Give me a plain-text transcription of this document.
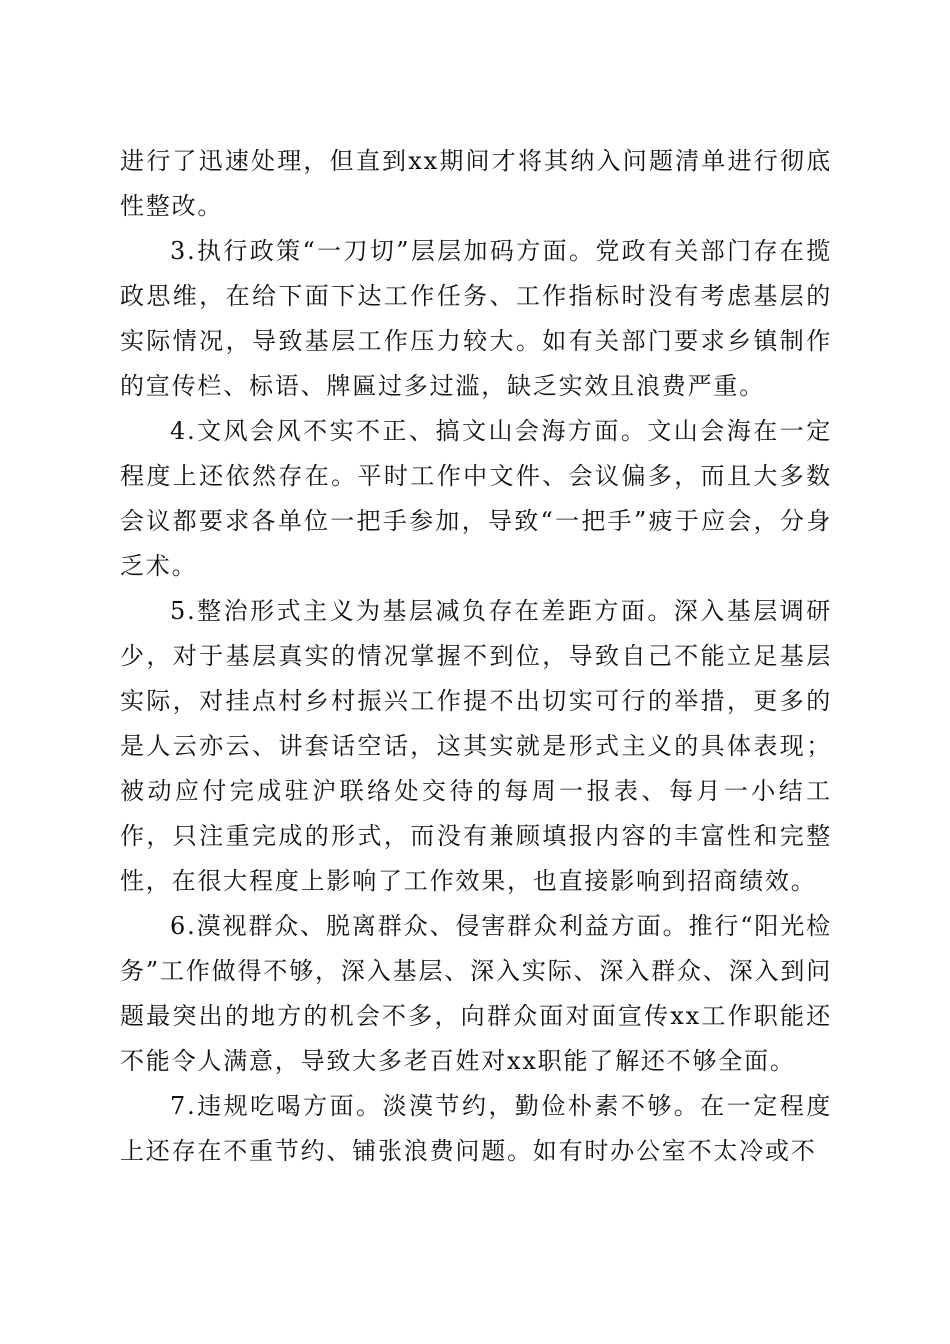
进行了迅速处理，但直到xx期间才将其纳入问题清单进行彻底性整改。

3.执行政策“一刀切”层层加码方面。党政有关部门存在揽政思维，在给下面下达工作任务、工作指标时没有考虑基层的实际情况，导致基层工作压力较大。如有关部门要求乡镇制作的宣传栏、标语、牌匾过多过滥，缺乏实效且浪费严重。

4.文风会风不实不正、搞文山会海方面。文山会海在一定程度上还依然存在。平时工作中文件、会议偏多，而且大多数会议都要求各单位一把手参加，导致“一把手”疲于应会，分身乏术。

5.整治形式主义为基层减负存在差距方面。深入基层调研少，对于基层真实的情况掌握不到位，导致自己不能立足基层实际，对挂点村乡村振兴工作提不出切实可行的举措，更多的是人云亦云、讲套话空话，这其实就是形式主义的具体表现；被动应付完成驻沪联络处交待的每周一报表、每月一小结工作，只注重完成的形式，而没有兼顾填报内容的丰富性和完整性，在很大程度上影响了工作效果，也直接影响到招商绩效。

6.漠视群众、脱离群众、侵害群众利益方面。推行“阳光检务”工作做得不够，深入基层、深入实际、深入群众、深入到问题最突出的地方的机会不多，向群众面对面宣传xx工作职能还不能令人满意，导致大多老百姓对xx职能了解还不够全面。

7.违规吃喝方面。淡漠节约，勤俭朴素不够。在一定程度上还存在不重节约、铺张浪费问题。如有时办公室不太冷或不
